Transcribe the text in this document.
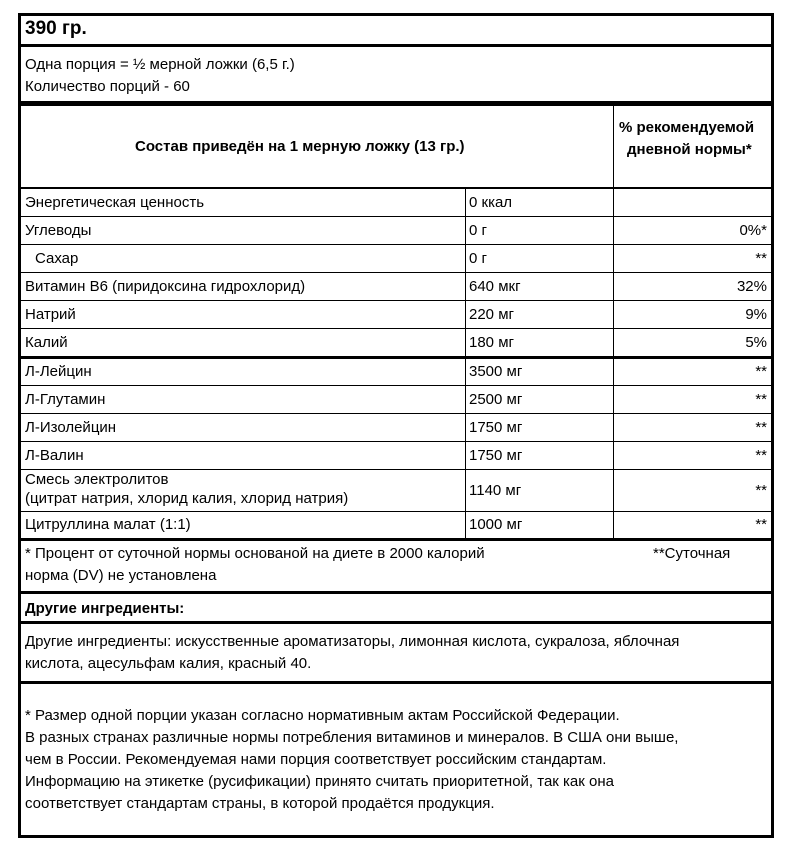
390 гр.
Одна порция = ½ мерной ложки (6,5 г.)
Количество порций - 60
Состав приведён на 1 мерную ложку (13 гр.)
% рекомендуемой
дневной нормы*
Энергетическая ценность	0 ккал
Углеводы	0 г	0%*
Сахар	0 г	**
Витамин В6 (пиридоксина гидрохлорид)	640 мкг	32%
Натрий	220 мг	9%
Калий	180 мг	5%
Л-Лейцин	3500 мг	**
Л-Глутамин	2500 мг	**
Л-Изолейцин	1750 мг	**
Л-Валин	1750 мг	**
Смесь электролитов
(цитрат натрия, хлорид калия, хлорид натрия)	1140 мг	**
Цитруллина малат (1:1)	1000 мг	**
* Процент от суточной нормы основаной на диете в 2000 калорий	**Суточная
норма (DV) не установлена
Другие ингредиенты:
Другие ингредиенты: искусственные ароматизаторы, лимонная кислота, сукралоза, яблочная
кислота, ацесульфам калия, красный 40.
* Размер одной порции указан согласно нормативным актам Российской Федерации.
В разных странах различные нормы потребления витаминов и минералов. В США они выше,
чем в России. Рекомендуемая нами порция соответствует российским стандартам.
Информацию на этикетке (русификации) принято считать приоритетной, так как она
соответствует стандартам страны, в которой продаётся продукция.
